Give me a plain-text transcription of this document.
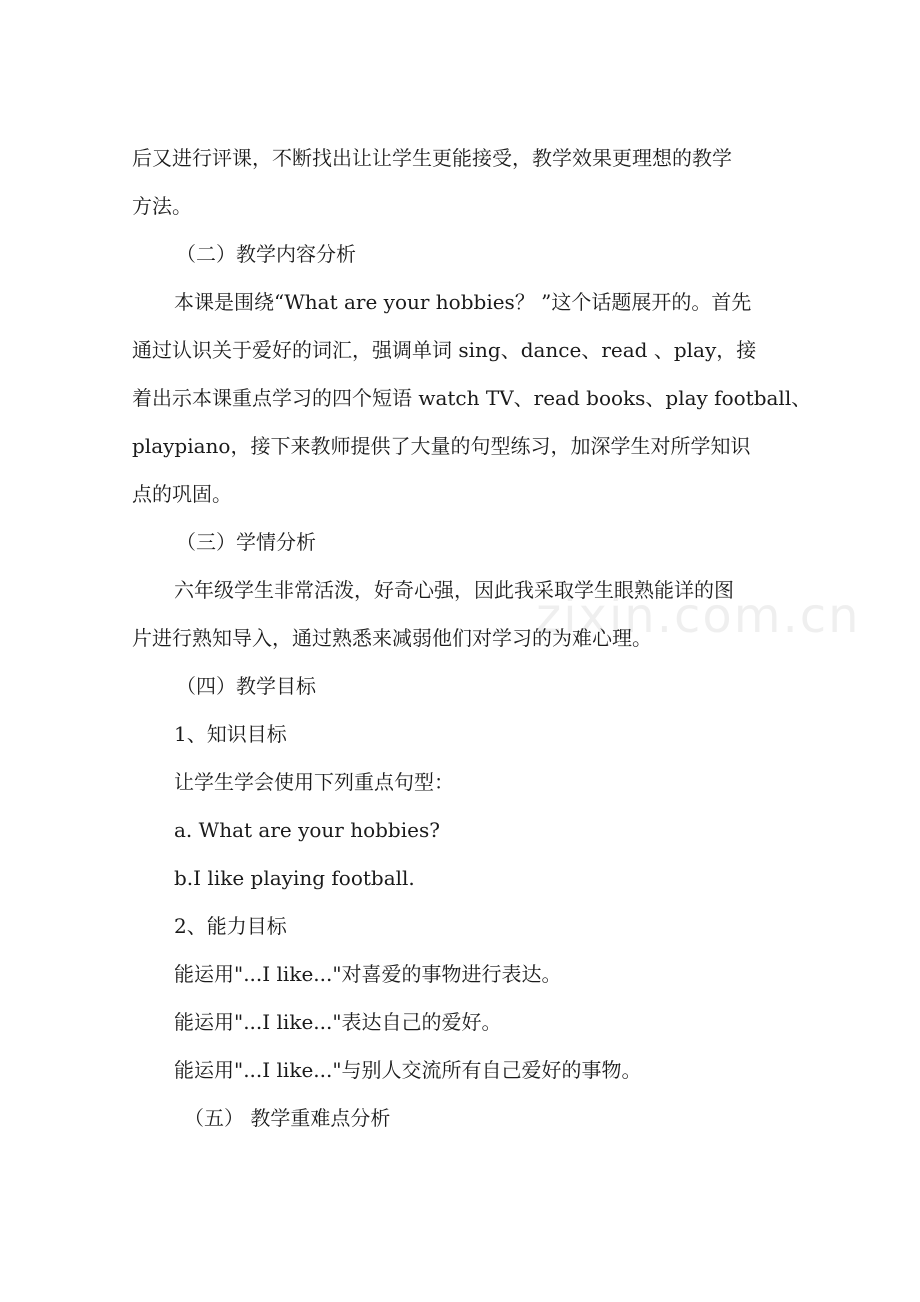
zixin.com.cn

后又进行评课，不断找出让让学生更能接受，教学效果更理想的教学

方法。

（二）教学内容分析

本课是围绕“What are your hobbies？ ”这个话题展开的。首先

通过认识关于爱好的词汇，强调单词 sing、dance、read 、play，接

着出示本课重点学习的四个短语 watch TV、read books、play football、

playpiano，接下来教师提供了大量的句型练习，加深学生对所学知识

点的巩固。

（三）学情分析

六年级学生非常活泼，好奇心强，因此我采取学生眼熟能详的图

片进行熟知导入，通过熟悉来减弱他们对学习的为难心理。

（四）教学目标

1、知识目标

让学生学会使用下列重点句型：

a. What are your hobbies?

b.I like playing football.

2、能力目标

能运用"...I like..."对喜爱的事物进行表达。

能运用"...I like..."表达自己的爱好。

能运用"...I like..."与别人交流所有自己爱好的事物。

（五） 教学重难点分析
